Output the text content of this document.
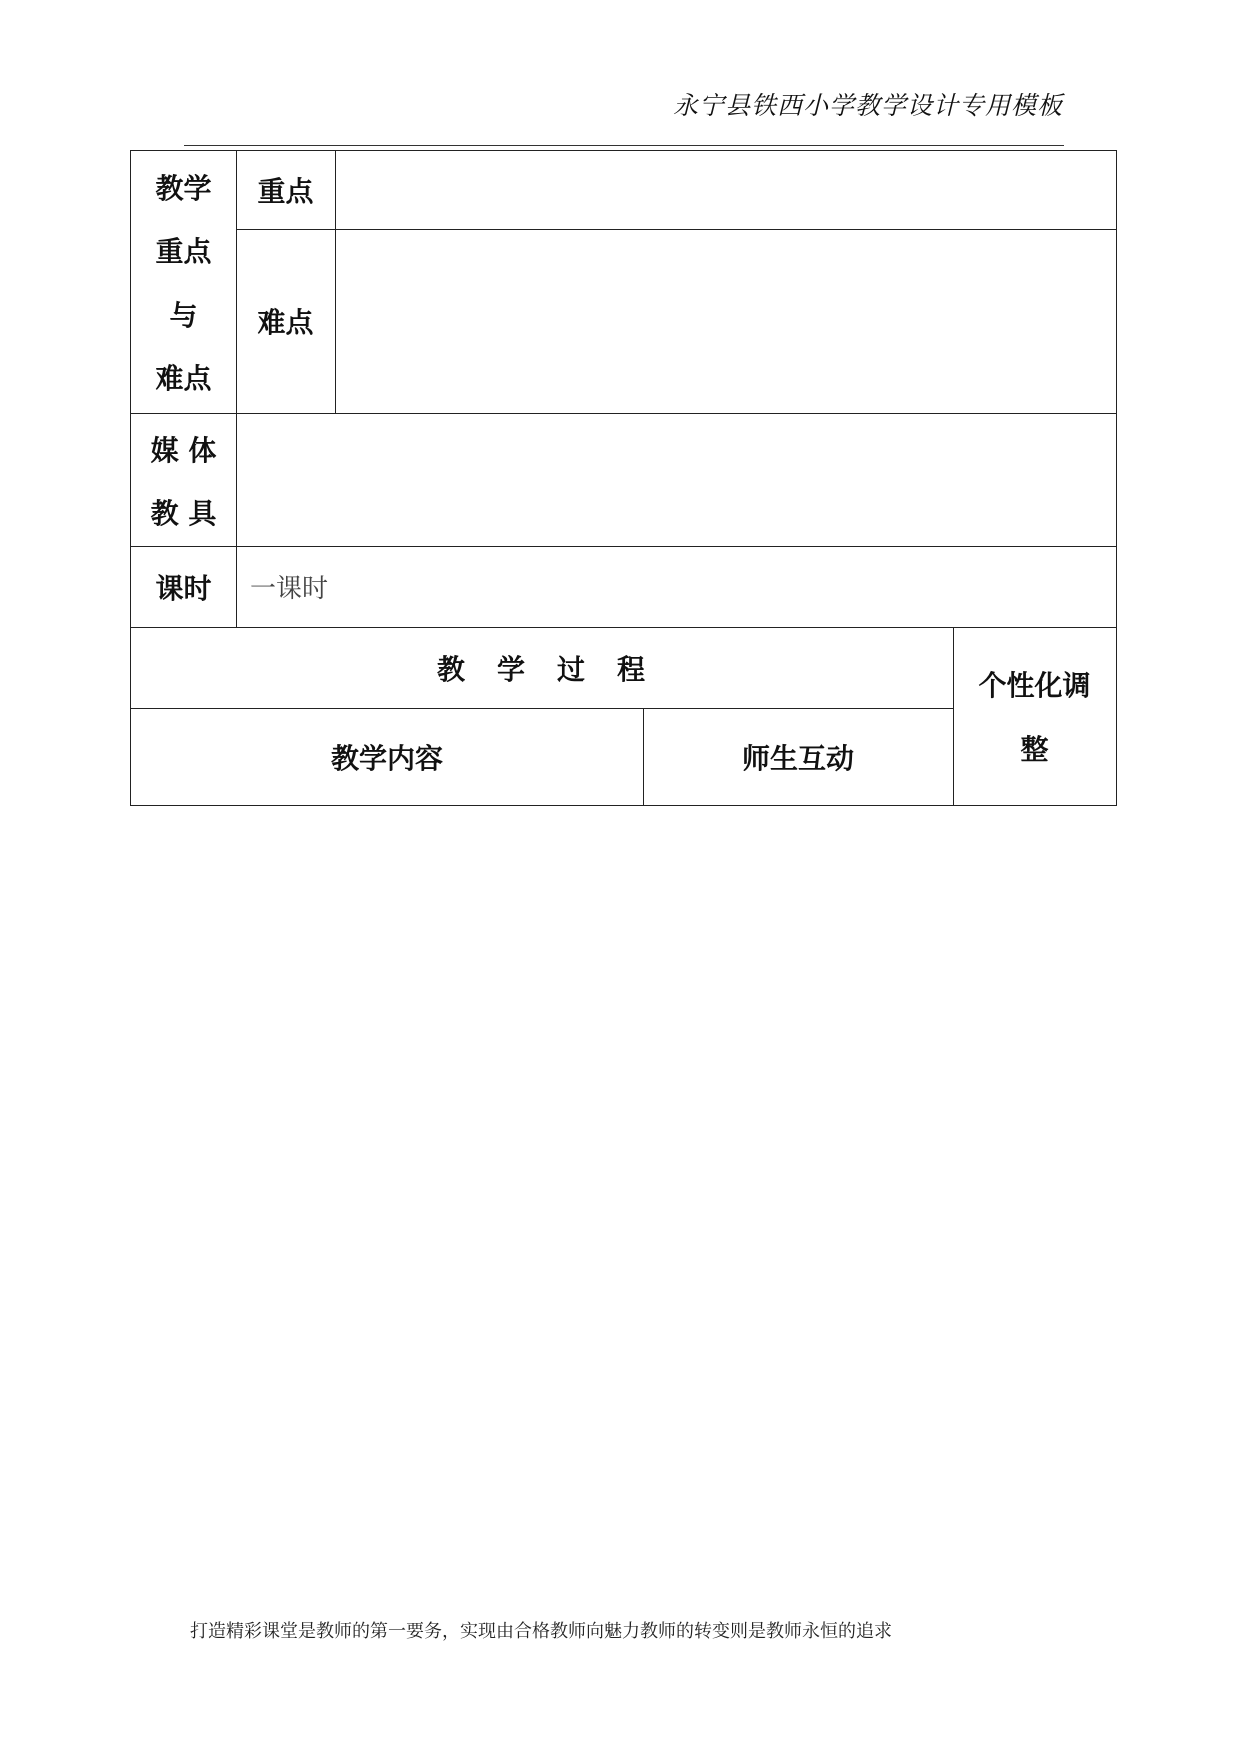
永宁县铁西小学教学设计专用模板
教学
重点
与
难点
重点
难点
媒 体
教 具
课时	一课时
教　学　过　程
教学内容	师生互动
个性化调
整
打造精彩课堂是教师的第一要务，实现由合格教师向魅力教师的转变则是教师永恒的追求
